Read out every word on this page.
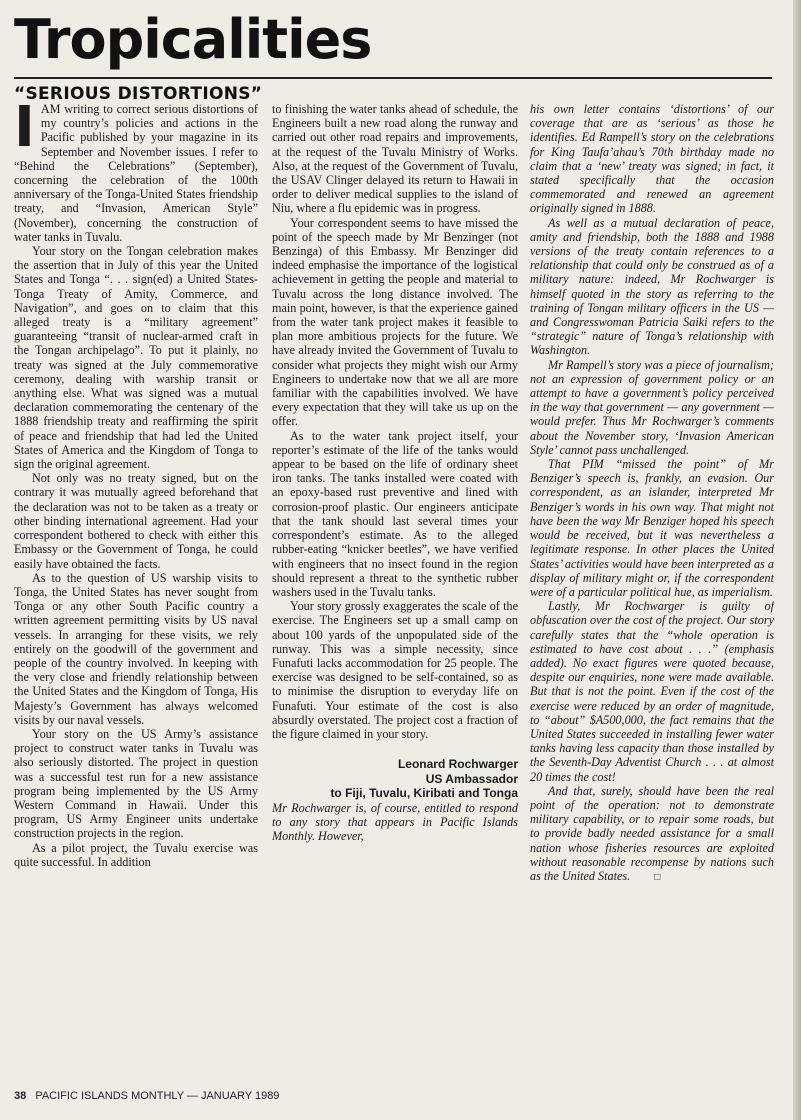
Tropicalities
“SERIOUS DISTORTIONS”

IAM writing to correct serious distortions of my country’s policies and actions in the Pacific published by your magazine in its September and November issues. I refer to “Behind the Celebrations” (September), concerning the celebration of the 100th anniversary of the Tonga-United States friendship treaty, and “Invasion, American Style” (November), concerning the construction of water tanks in Tuvalu.

Your story on the Tongan celebration makes the assertion that in July of this year the United States and Tonga “. . . sign(ed) a United States-Tonga Treaty of Amity, Commerce, and Navigation”, and goes on to claim that this alleged treaty is a “military agreement” guaranteeing “transit of nuclear-armed craft in the Tongan archipelago”. To put it plainly, no treaty was signed at the July commemorative ceremony, dealing with warship transit or anything else. What was signed was a mutual declaration commemorating the centenary of the 1888 friendship treaty and reaffirming the spirit of peace and friendship that had led the United States of America and the Kingdom of Tonga to sign the original agreement.

Not only was no treaty signed, but on the contrary it was mutually agreed beforehand that the declaration was not to be taken as a treaty or other binding international agreement. Had your correspondent bothered to check with either this Embassy or the Government of Tonga, he could easily have obtained the facts.

As to the question of US warship visits to Tonga, the United States has never sought from Tonga or any other South Pacific country a written agreement permitting visits by US naval vessels. In arranging for these visits, we rely entirely on the goodwill of the government and people of the country involved. In keeping with the very close and friendly relationship between the United States and the Kingdom of Tonga, His Majesty’s Government has always welcomed visits by our naval vessels.

Your story on the US Army’s assistance project to construct water tanks in Tuvalu was also seriously distorted. The project in question was a successful test run for a new assistance program being implemented by the US Army Western Command in Hawaii. Under this program, US Army Engineer units undertake construction projects in the region.

As a pilot project, the Tuvalu exercise was quite successful. In addition

to finishing the water tanks ahead of schedule, the Engineers built a new road along the runway and carried out other road repairs and improvements, at the request of the Tuvalu Ministry of Works. Also, at the request of the Government of Tuvalu, the USAV Clinger delayed its return to Hawaii in order to deliver medical supplies to the island of Niu, where a flu epidemic was in progress.

Your correspondent seems to have missed the point of the speech made by Mr Benzinger (not Benzinga) of this Embassy. Mr Benzinger did indeed emphasise the importance of the logistical achievement in getting the people and material to Tuvalu across the long distance involved. The main point, however, is that the experience gained from the water tank project makes it feasible to plan more ambitious projects for the future. We have already invited the Government of Tuvalu to consider what projects they might wish our Army Engineers to undertake now that we all are more familiar with the capabilities involved. We have every expectation that they will take us up on the offer.

As to the water tank project itself, your reporter’s estimate of the life of the tanks would appear to be based on the life of ordinary sheet iron tanks. The tanks installed were coated with an epoxy-based rust preventive and lined with corrosion-proof plastic. Our engineers anticipate that the tank should last several times your correspondent’s estimate. As to the alleged rubber-eating “knicker beetles”, we have verified with engineers that no insect found in the region should represent a threat to the synthetic rubber washers used in the Tuvalu tanks.

Your story grossly exaggerates the scale of the exercise. The Engineers set up a small camp on about 100 yards of the unpopulated side of the runway. This was a simple necessity, since Funafuti lacks accommodation for 25 people. The exercise was designed to be self-contained, so as to minimise the disruption to everyday life on Funafuti. Your estimate of the cost is also absurdly overstated. The project cost a fraction of the figure claimed in your story.

Leonard Rochwarger
US Ambassador
to Fiji, Tuvalu, Kiribati and Tonga

Mr Rochwarger is, of course, entitled to respond to any story that appears in Pacific Islands Monthly. However,

his own letter contains ‘distortions’ of our coverage that are as ‘serious’ as those he identifies. Ed Rampell’s story on the celebrations for King Taufa’ahau’s 70th birthday made no claim that a ‘new’ treaty was signed; in fact, it stated specifically that the occasion commemorated and renewed an agreement originally signed in 1888.

As well as a mutual declaration of peace, amity and friendship, both the 1888 and 1988 versions of the treaty contain references to a relationship that could only be construed as of a military nature: indeed, Mr Rochwarger is himself quoted in the story as referring to the training of Tongan military officers in the US — and Congresswoman Patricia Saiki refers to the “strategic” nature of Tonga’s relationship with Washington.

Mr Rampell’s story was a piece of journalism; not an expression of government policy or an attempt to have a government’s policy perceived in the way that government — any government — would prefer. Thus Mr Rochwarger’s comments about the November story, ‘Invasion American Style’ cannot pass unchallenged.

That PIM “missed the point” of Mr Benziger’s speech is, frankly, an evasion. Our correspondent, as an islander, interpreted Mr Benziger’s words in his own way. That might not have been the way Mr Benziger hoped his speech would be received, but it was nevertheless a legitimate response. In other places the United States’ activities would have been interpreted as a display of military might or, if the correspondent were of a particular political hue, as imperialism.

Lastly, Mr Rochwarger is guilty of obfuscation over the cost of the project. Our story carefully states that the “whole operation is estimated to have cost about . . .” (emphasis added). No exact figures were quoted because, despite our enquiries, none were made available. But that is not the point. Even if the cost of the exercise were reduced by an order of magnitude, to “about” $A500,000, the fact remains that the United States succeeded in installing fewer water tanks having less capacity than those installed by the Seventh-Day Adventist Church . . . at almost 20 times the cost!

And that, surely, should have been the real point of the operation: not to demonstrate military capability, or to repair some roads, but to provide badly needed assistance for a small nation whose fisheries resources are exploited without reasonable recompense by nations such as the United States. □

38 PACIFIC ISLANDS MONTHLY — JANUARY 1989
